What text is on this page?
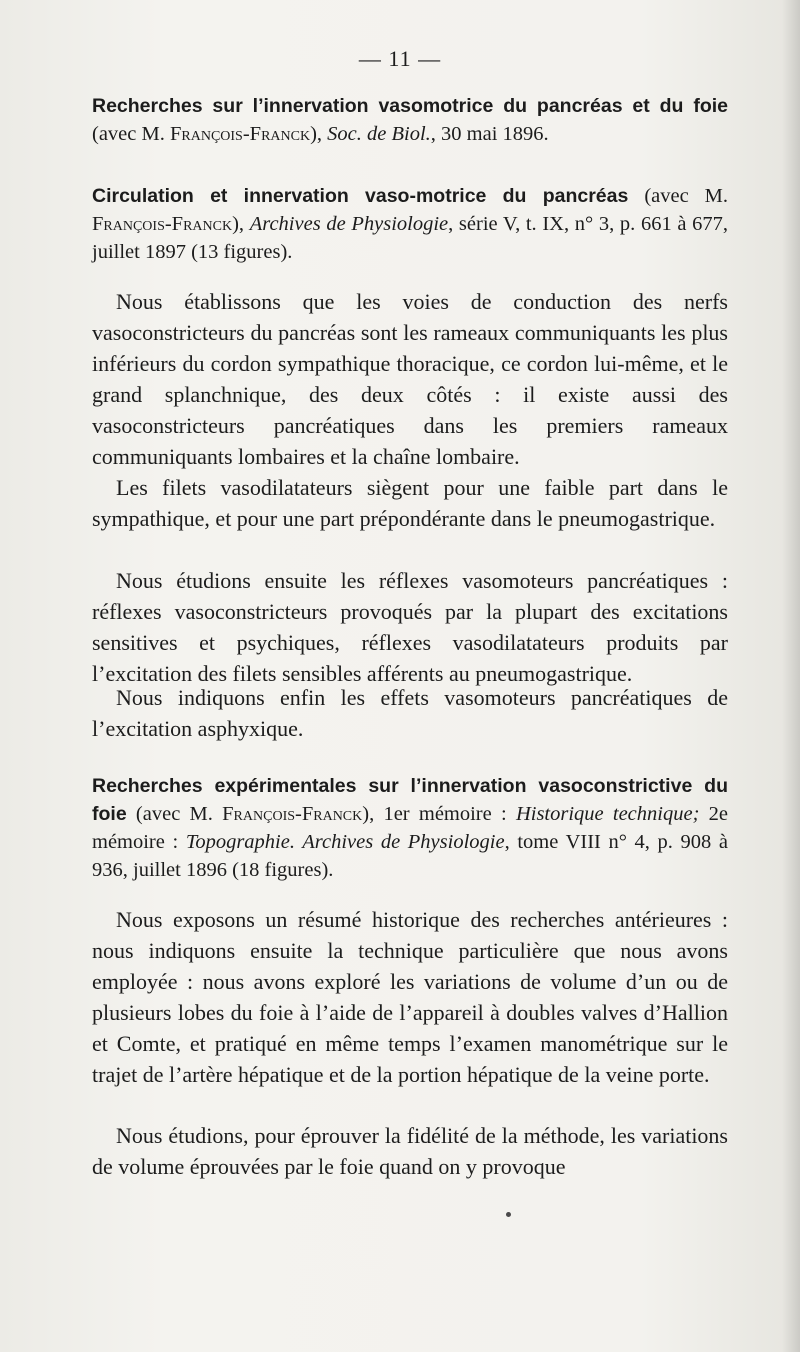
— 11 —
Recherches sur l’innervation vasomotrice du pancréas et du foie (avec M. François-Franck), Soc. de Biol., 30 mai 1896.
Circulation et innervation vaso-motrice du pancréas (avec M. François-Franck), Archives de Physiologie, série V, t. IX, n° 3, p. 661 à 677, juillet 1897 (13 figures).
Nous établissons que les voies de conduction des nerfs vasoconstricteurs du pancréas sont les rameaux communiquants les plus inférieurs du cordon sympathique thoracique, ce cordon lui-même, et le grand splanchnique, des deux côtés : il existe aussi des vasoconstricteurs pancréatiques dans les premiers rameaux communiquants lombaires et la chaîne lombaire.
Les filets vasodilatateurs siègent pour une faible part dans le sympathique, et pour une part prépondérante dans le pneumogastrique.
Nous étudions ensuite les réflexes vasomoteurs pancréatiques : réflexes vasoconstricteurs provoqués par la plupart des excitations sensitives et psychiques, réflexes vasodilatateurs produits par l’excitation des filets sensibles afférents au pneumogastrique.
Nous indiquons enfin les effets vasomoteurs pancréatiques de l’excitation asphyxique.
Recherches expérimentales sur l’innervation vasoconstrictive du foie (avec M. François-Franck), 1er mémoire : Historique technique; 2e mémoire : Topographie. Archives de Physiologie, tome VIII n° 4, p. 908 à 936, juillet 1896 (18 figures).
Nous exposons un résumé historique des recherches antérieures : nous indiquons ensuite la technique particulière que nous avons employée : nous avons exploré les variations de volume d’un ou de plusieurs lobes du foie à l’aide de l’appareil à doubles valves d’Hallion et Comte, et pratiqué en même temps l’examen manométrique sur le trajet de l’artère hépatique et de la portion hépatique de la veine porte.
Nous étudions, pour éprouver la fidélité de la méthode, les variations de volume éprouvées par le foie quand on y provoque
